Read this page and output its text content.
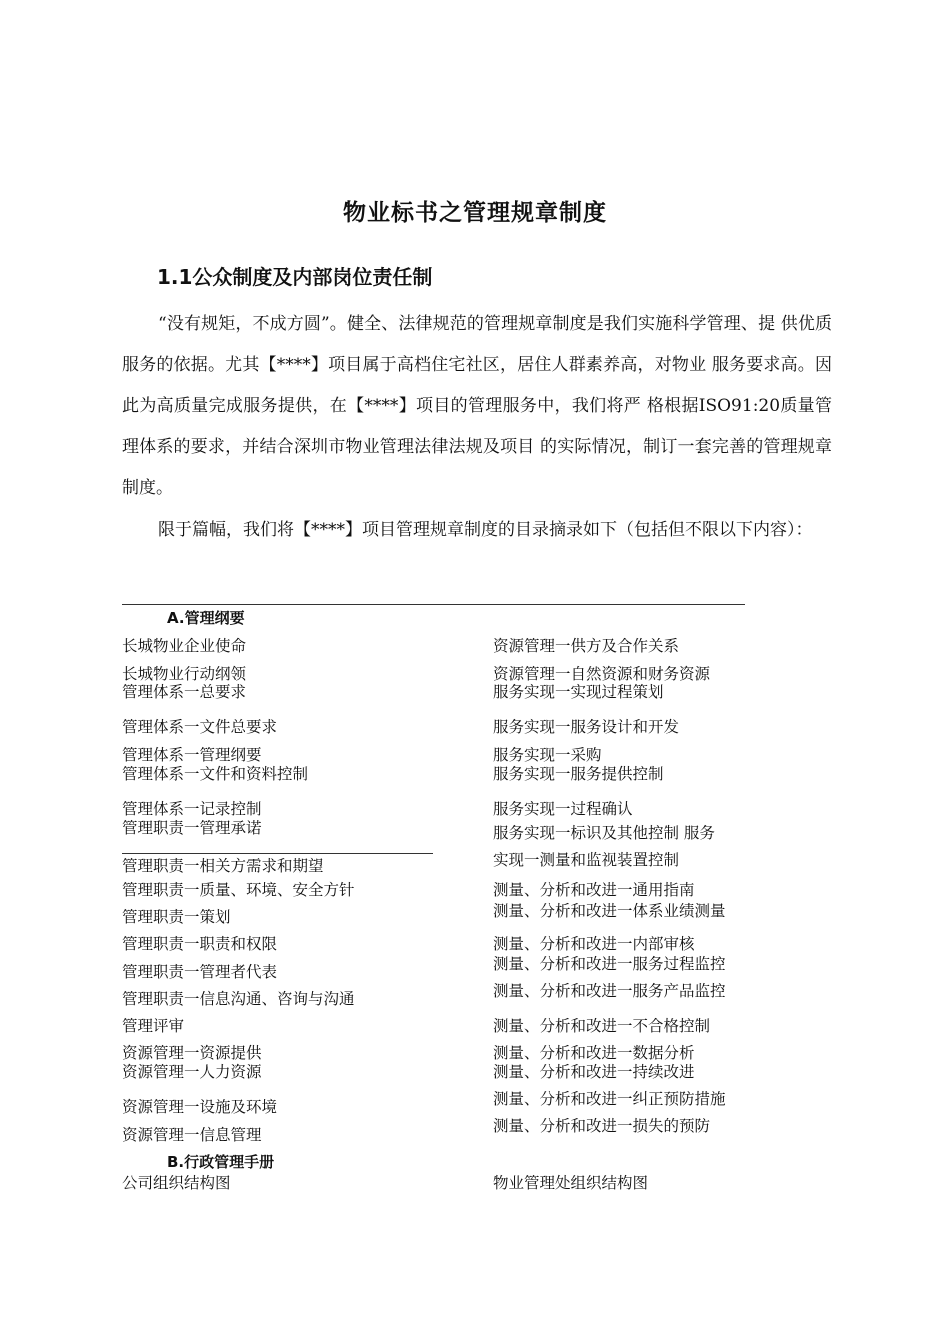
物业标书之管理规章制度
1.1公众制度及内部岗位责任制
“没有规矩，不成方圆”。健全、法律规范的管理规章制度是我们实施科学管理、提 供优质服务的依据。尤其【****】项目属于高档住宅社区，居住人群素养高，对物业 服务要求高。因此为高质量完成服务提供，在【****】项目的管理服务中，我们将严 格根据ISO91:20质量管理体系的要求，并结合深圳市物业管理法律法规及项目 的实际情况，制订一套完善的管理规章制度。
限于篇幅，我们将【****】项目管理规章制度的目录摘录如下（包括但不限以下内容）：
A.管理纲要
长城物业企业使命
长城物业行动纲领
管理体系一总要求
管理体系一文件总要求
管理体系一管理纲要
管理体系一文件和资料控制
管理体系一记录控制
管理职责一管理承诺
管理职责一相关方需求和期望
管理职责一质量、环境、安全方针
管理职责一策划
管理职责一职责和权限
管理职责一管理者代表
管理职责一信息沟通、咨询与沟通
管理评审
资源管理一资源提供
资源管理一人力资源
资源管理一设施及环境
资源管理一信息管理
资源管理一供方及合作关系
资源管理一自然资源和财务资源
服务实现一实现过程策划
服务实现一服务设计和开发
服务实现一采购
服务实现一服务提供控制
服务实现一过程确认
服务实现一标识及其他控制 服务
实现一测量和监视装置控制
测量、分析和改进一通用指南
测量、分析和改进一体系业绩测量
测量、分析和改进一内部审核
测量、分析和改进一服务过程监控
测量、分析和改进一服务产品监控
测量、分析和改进一不合格控制
测量、分析和改进一数据分析
测量、分析和改进一持续改进
测量、分析和改进一纠正预防措施
测量、分析和改进一损失的预防
B.行政管理手册
公司组织结构图	物业管理处组织结构图
